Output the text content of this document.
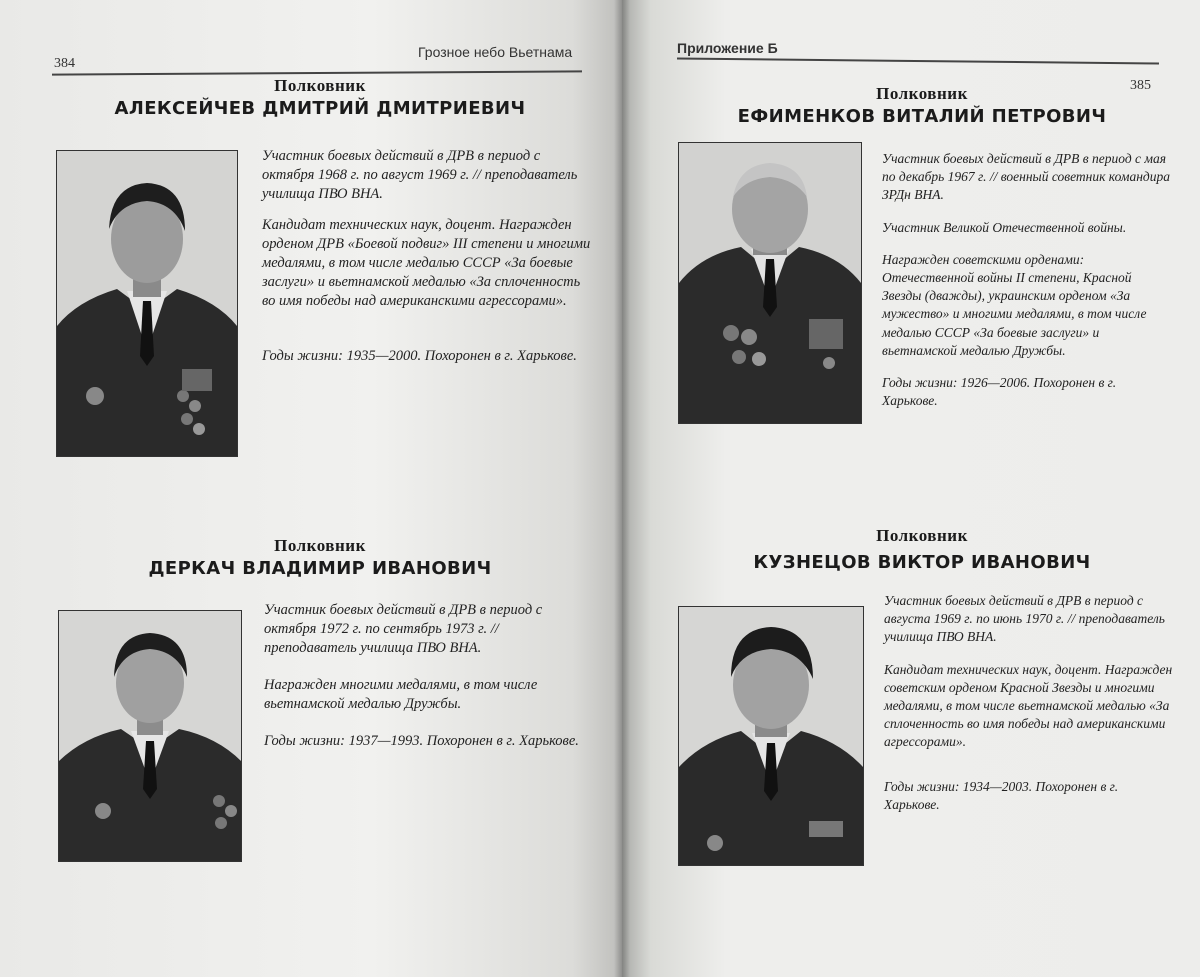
384
Грозное небо Вьетнама
Полковник
АЛЕКСЕЙЧЕВ ДМИТРИЙ ДМИТРИЕВИЧ

Участник боевых действий в ДРВ в период с октября 1968 г. по август 1969 г. // преподаватель училища ПВО ВНА.

Кандидат технических наук, доцент. Награжден орденом ДРВ «Боевой подвиг» III степени и многими медалями, в том числе медалью СССР «За боевые заслуги» и вьетнамской медалью «За сплоченность во имя победы над американскими агрессорами».

Годы жизни: 1935—2000. Похоронен в г. Харькове.

Полковник
ДЕРКАЧ ВЛАДИМИР ИВАНОВИЧ

Участник боевых действий в ДРВ в период с октября 1972 г. по сентябрь 1973 г. // преподаватель училища ПВО ВНА.

Награжден многими медалями, в том числе вьетнамской медалью Дружбы.

Годы жизни: 1937—1993. Похоронен в г. Харькове.

Приложение Б
385
Полковник
ЕФИМЕНКОВ ВИТАЛИЙ ПЕТРОВИЧ

Участник боевых действий в ДРВ в период с мая по декабрь 1967 г. // военный советник командира ЗРДн ВНА.

Участник Великой Отечественной войны.

Награжден советскими орденами: Отечественной войны II степени, Красной Звезды (дважды), украинским орденом «За мужество» и многими медалями, в том числе медалью СССР «За боевые заслуги» и вьетнамской медалью Дружбы.

Годы жизни: 1926—2006. Похоронен в г. Харькове.

Полковник
КУЗНЕЦОВ ВИКТОР ИВАНОВИЧ

Участник боевых действий в ДРВ в период с августа 1969 г. по июнь 1970 г. // преподаватель училища ПВО ВНА.

Кандидат технических наук, доцент. Награжден советским орденом Красной Звезды и многими медалями, в том числе вьетнамской медалью «За сплоченность во имя победы над американскими агрессорами».

Годы жизни: 1934—2003. Похоронен в г. Харькове.
